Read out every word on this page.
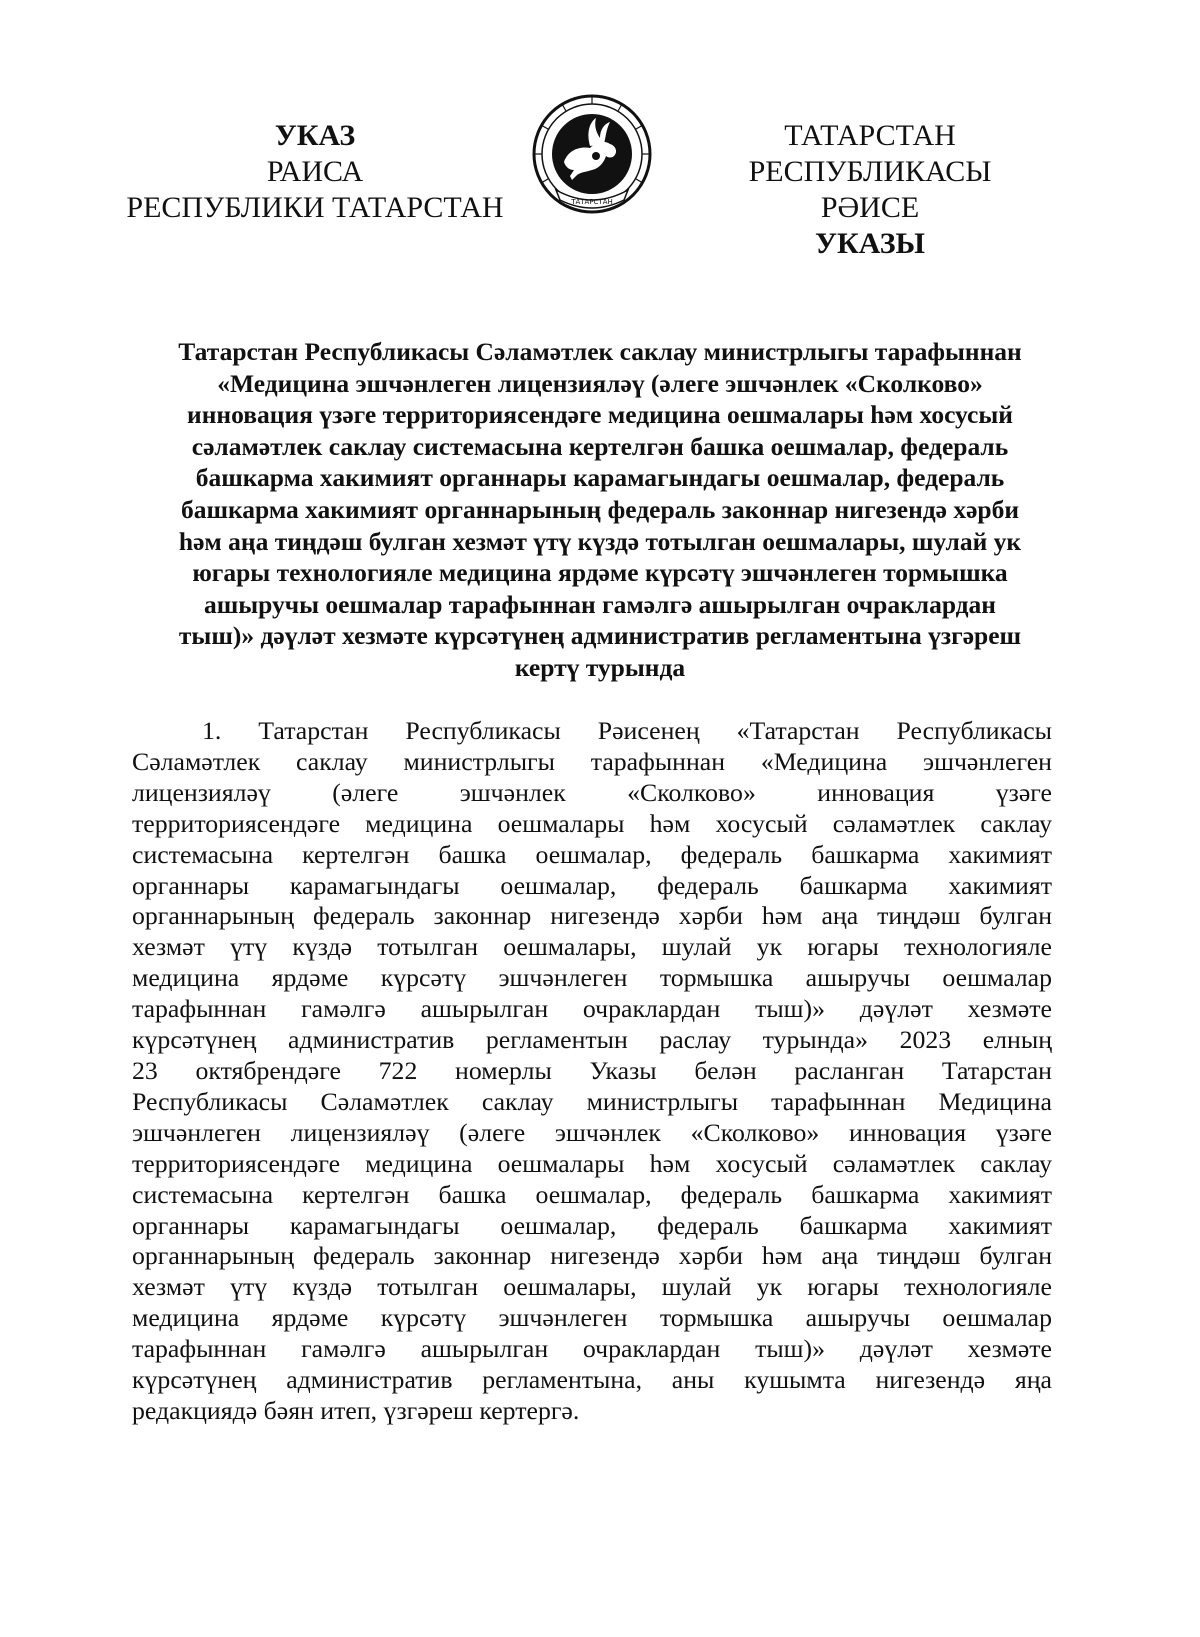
УКАЗ
РАИСА
РЕСПУБЛИКИ ТАТАРСТАН	ТАТАРСТАН
ТАТАРСТАН РЕСПУБЛИКАСЫ
РӘИСЕ
УКАЗЫ
Татарстан Республикасы Сәламәтлек саклау министрлыгы тарафыннан
«Медицина эшчәнлеген лицензияләү (әлеге эшчәнлек «Сколково»
инновация үзәге территориясендәге медицина оешмалары һәм хосусый
сәламәтлек саклау системасына кертелгән башка оешмалар, федераль
башкарма хакимият органнары карамагындагы оешмалар, федераль
башкарма хакимият органнарының федераль законнар нигезендә хәрби
һәм аңа тиңдәш булган хезмәт үтү күздә тотылган оешмалары, шулай ук
югары технологияле медицина ярдәме күрсәтү эшчәнлеген тормышка
ашыручы оешмалар тарафыннан гамәлгә ашырылган очраклардан
тыш)» дәүләт хезмәте күрсәтүнең административ регламентына үзгәреш
кертү турында
1. Татарстан Республикасы Рәисенең «Татарстан Республикасы
Сәламәтлек саклау министрлыгы тарафыннан «Медицина эшчәнлеген
лицензияләү (әлеге эшчәнлек «Сколково» инновация үзәге
территориясендәге медицина оешмалары һәм хосусый сәламәтлек саклау
системасына кертелгән башка оешмалар, федераль башкарма хакимият
органнары карамагындагы оешмалар, федераль башкарма хакимият
органнарының федераль законнар нигезендә хәрби һәм аңа тиңдәш булган
хезмәт үтү күздә тотылган оешмалары, шулай ук югары технологияле
медицина ярдәме күрсәтү эшчәнлеген тормышка ашыручы оешмалар
тарафыннан гамәлгә ашырылган очраклардан тыш)» дәүләт хезмәте
күрсәтүнең административ регламентын раслау турында» 2023 елның
23 октябрендәге 722 номерлы Указы белән расланган Татарстан
Республикасы Сәламәтлек саклау министрлыгы тарафыннан Медицина
эшчәнлеген лицензияләү (әлеге эшчәнлек «Сколково» инновация үзәге
территориясендәге медицина оешмалары һәм хосусый сәламәтлек саклау
системасына кертелгән башка оешмалар, федераль башкарма хакимият
органнары карамагындагы оешмалар, федераль башкарма хакимият
органнарының федераль законнар нигезендә хәрби һәм аңа тиңдәш булган
хезмәт үтү күздә тотылган оешмалары, шулай ук югары технологияле
медицина ярдәме күрсәтү эшчәнлеген тормышка ашыручы оешмалар
тарафыннан гамәлгә ашырылган очраклардан тыш)» дәүләт хезмәте
күрсәтүнең административ регламентына, аны кушымта нигезендә яңа
редакциядә бәян итеп, үзгәреш кертергә.
